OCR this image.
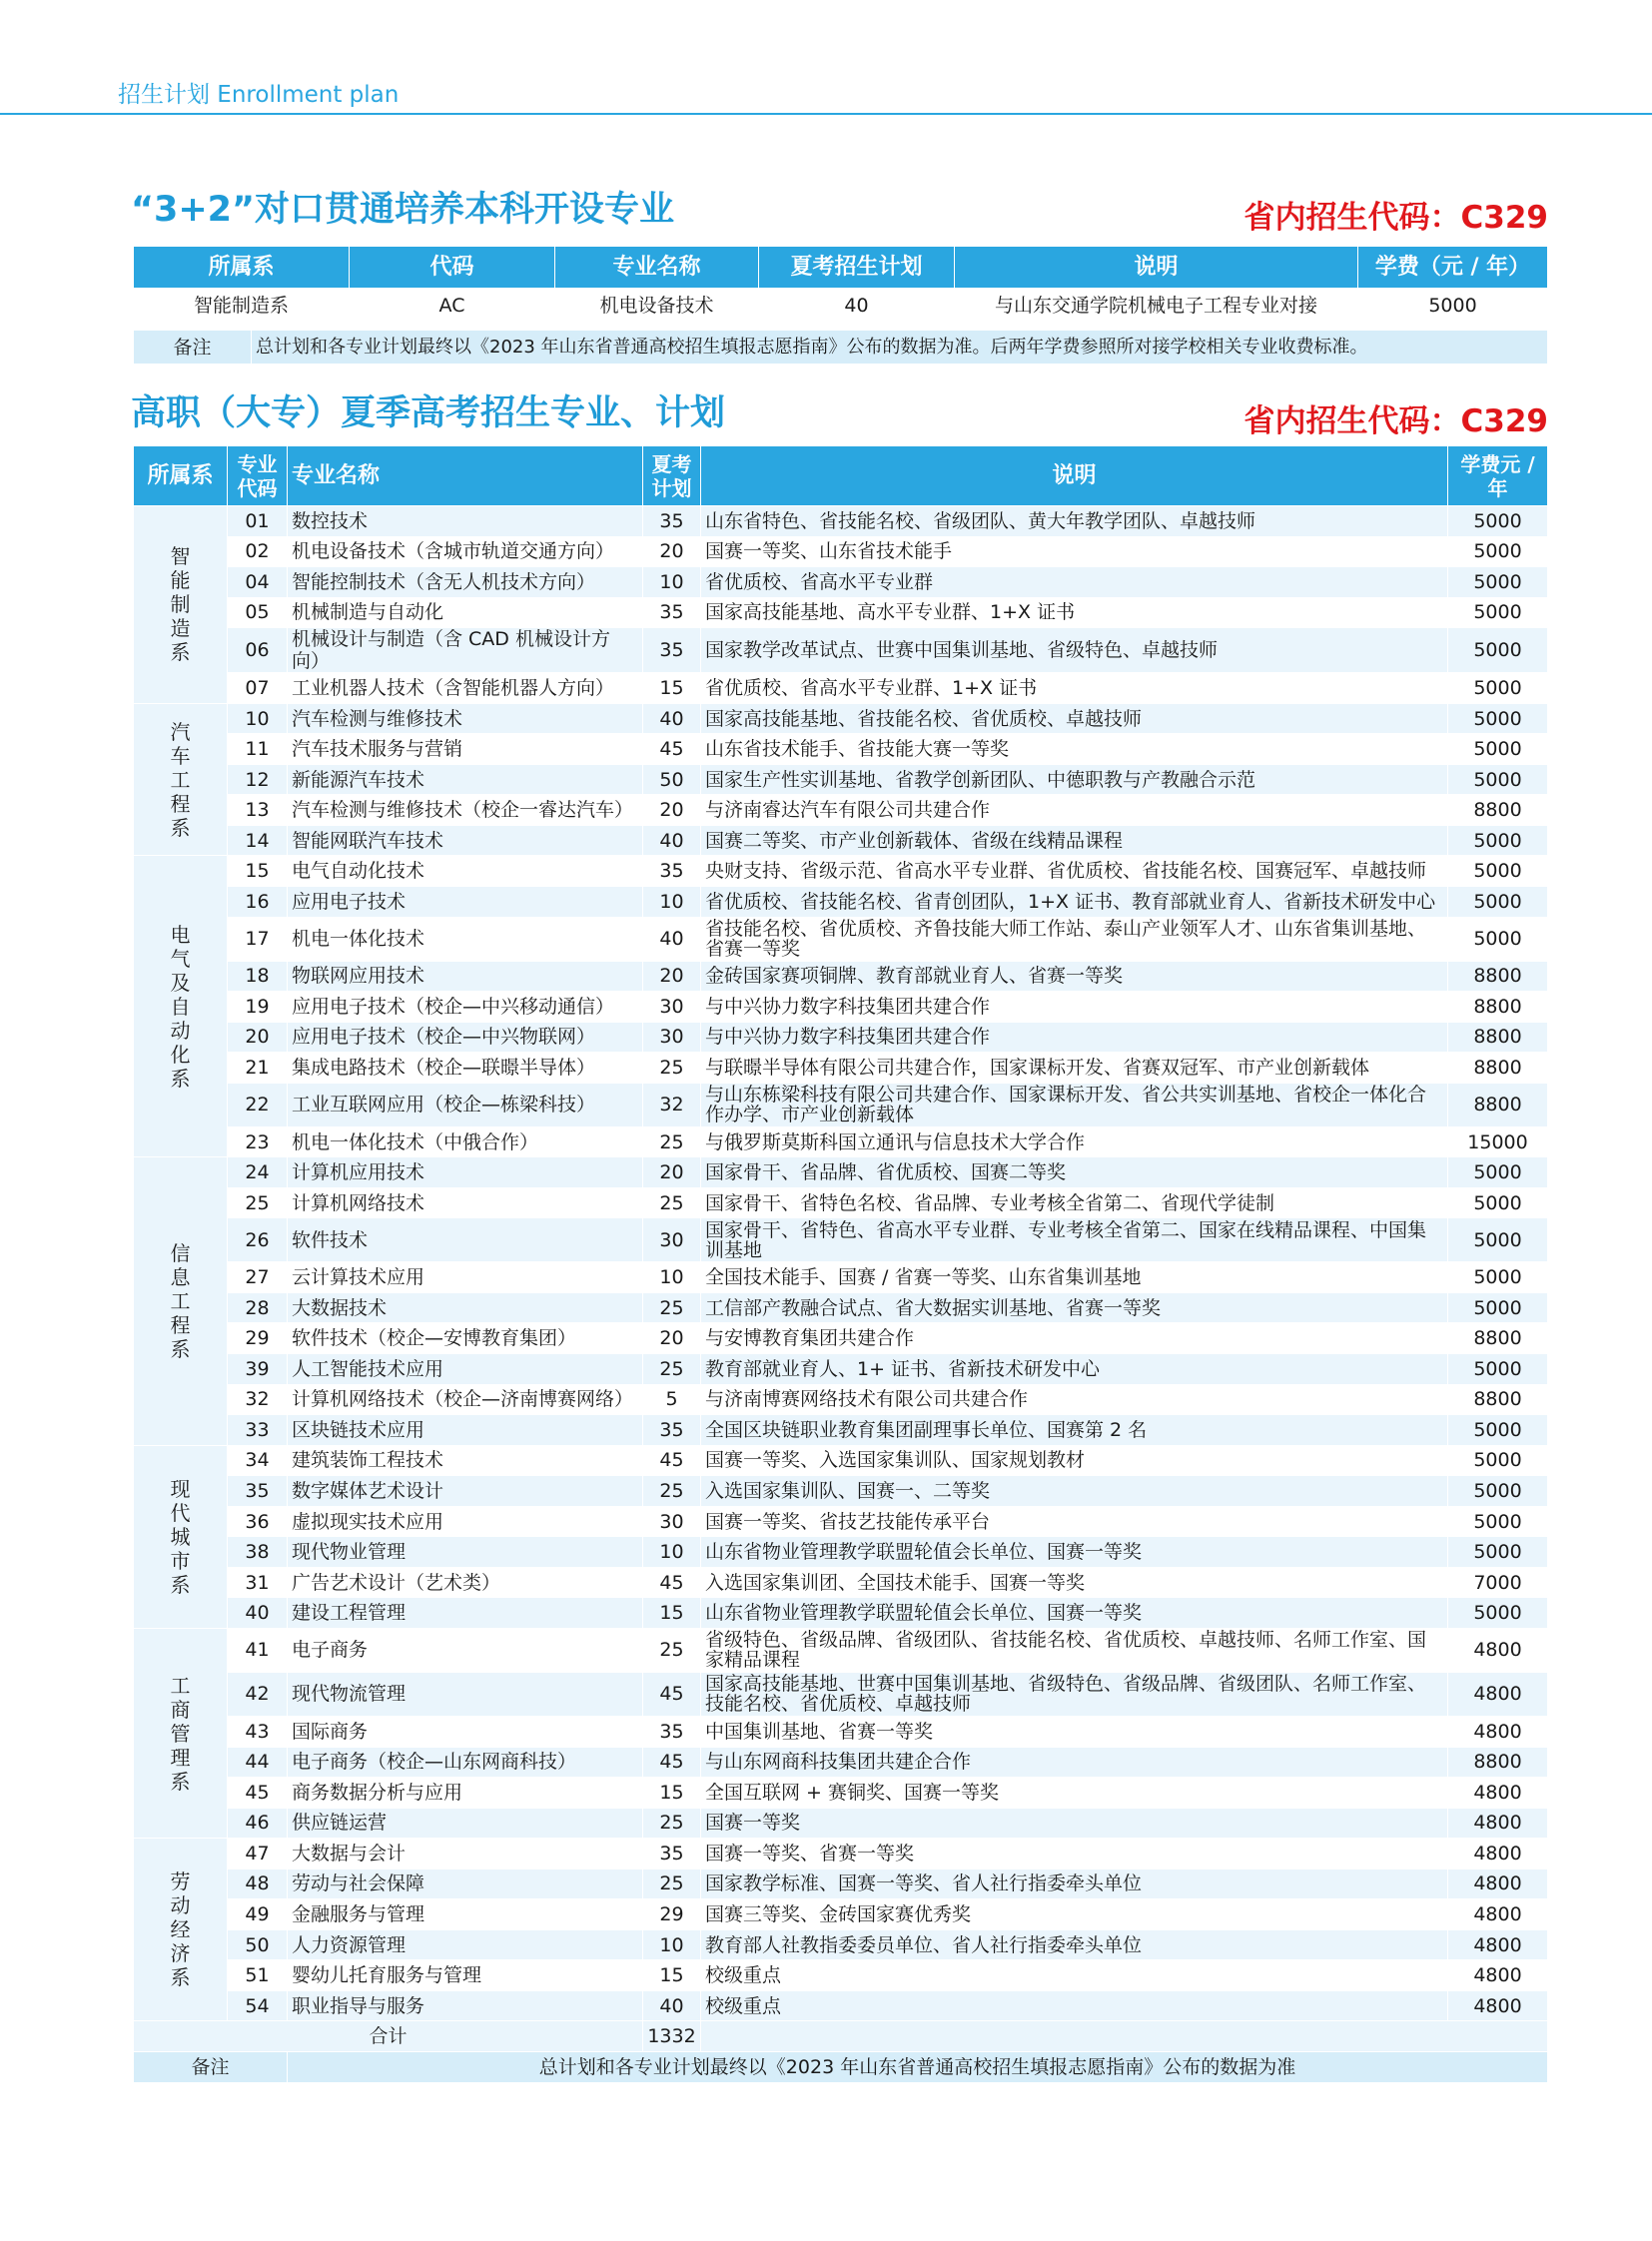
招生计划 Enrollment plan
“3+2”对口贯通培养本科开设专业	省内招生代码：C329
所属系	代码	专业名称	夏考招生计划	说明	学费（元 / 年）
智能制造系	AC	机电设备技术	40	与山东交通学院机械电子工程专业对接	5000
备注	总计划和各专业计划最终以《2023 年山东省普通高校招生填报志愿指南》公布的数据为准。后两年学费参照所对接学校相关专业收费标准。
高职（大专）夏季高考招生专业、计划	省内招生代码：C329
所属系	专业代码	专业名称	夏考计划	说明	学费元 / 年
智能制造系	01	数控技术	35	山东省特色、省技能名校、省级团队、黄大年教学团队、卓越技师	5000
	02	机电设备技术（含城市轨道交通方向）	20	国赛一等奖、山东省技术能手	5000
	04	智能控制技术（含无人机技术方向）	10	省优质校、省高水平专业群	5000
	05	机械制造与自动化	35	国家高技能基地、高水平专业群、1+X 证书	5000
	06	机械设计与制造（含 CAD 机械设计方向）	35	国家教学改革试点、世赛中国集训基地、省级特色、卓越技师	5000
	07	工业机器人技术（含智能机器人方向）	15	省优质校、省高水平专业群、1+X 证书	5000
汽车工程系	10	汽车检测与维修技术	40	国家高技能基地、省技能名校、省优质校、卓越技师	5000
	11	汽车技术服务与营销	45	山东省技术能手、省技能大赛一等奖	5000
	12	新能源汽车技术	50	国家生产性实训基地、省教学创新团队、中德职教与产教融合示范	5000
	13	汽车检测与维修技术（校企一睿达汽车）	20	与济南睿达汽车有限公司共建合作	8800
	14	智能网联汽车技术	40	国赛二等奖、市产业创新载体、省级在线精品课程	5000
电气及自动化系	15	电气自动化技术	35	央财支持、省级示范、省高水平专业群、省优质校、省技能名校、国赛冠军、卓越技师	5000
	16	应用电子技术	10	省优质校、省技能名校、省青创团队，1+X 证书、教育部就业育人、省新技术研发中心	5000
	17	机电一体化技术	40	省技能名校、省优质校、齐鲁技能大师工作站、泰山产业领军人才、山东省集训基地、省赛一等奖	5000
	18	物联网应用技术	20	金砖国家赛项铜牌、教育部就业育人、省赛一等奖	8800
	19	应用电子技术（校企—中兴移动通信）	30	与中兴协力数字科技集团共建合作	8800
	20	应用电子技术（校企—中兴物联网）	30	与中兴协力数字科技集团共建合作	8800
	21	集成电路技术（校企—联暻半导体）	25	与联暻半导体有限公司共建合作，国家课标开发、省赛双冠军、市产业创新载体	8800
	22	工业互联网应用（校企—栋梁科技）	32	与山东栋梁科技有限公司共建合作、国家课标开发、省公共实训基地、省校企一体化合作办学、市产业创新载体	8800
	23	机电一体化技术（中俄合作）	25	与俄罗斯莫斯科国立通讯与信息技术大学合作	15000
信息工程系	24	计算机应用技术	20	国家骨干、省品牌、省优质校、国赛二等奖	5000
	25	计算机网络技术	25	国家骨干、省特色名校、省品牌、专业考核全省第二、省现代学徒制	5000
	26	软件技术	30	国家骨干、省特色、省高水平专业群、专业考核全省第二、国家在线精品课程、中国集训基地	5000
	27	云计算技术应用	10	全国技术能手、国赛 / 省赛一等奖、山东省集训基地	5000
	28	大数据技术	25	工信部产教融合试点、省大数据实训基地、省赛一等奖	5000
	29	软件技术（校企—安博教育集团）	20	与安博教育集团共建合作	8800
	39	人工智能技术应用	25	教育部就业育人、1+ 证书、省新技术研发中心	5000
	32	计算机网络技术（校企—济南博赛网络）	5	与济南博赛网络技术有限公司共建合作	8800
	33	区块链技术应用	35	全国区块链职业教育集团副理事长单位、国赛第 2 名	5000
现代城市系	34	建筑装饰工程技术	45	国赛一等奖、入选国家集训队、国家规划教材	5000
	35	数字媒体艺术设计	25	入选国家集训队、国赛一、二等奖	5000
	36	虚拟现实技术应用	30	国赛一等奖、省技艺技能传承平台	5000
	38	现代物业管理	10	山东省物业管理教学联盟轮值会长单位、国赛一等奖	5000
	31	广告艺术设计（艺术类）	45	入选国家集训团、全国技术能手、国赛一等奖	7000
	40	建设工程管理	15	山东省物业管理教学联盟轮值会长单位、国赛一等奖	5000
工商管理系	41	电子商务	25	省级特色、省级品牌、省级团队、省技能名校、省优质校、卓越技师、名师工作室、国家精品课程	4800
	42	现代物流管理	45	国家高技能基地、世赛中国集训基地、省级特色、省级品牌、省级团队、名师工作室、技能名校、省优质校、卓越技师	4800
	43	国际商务	35	中国集训基地、省赛一等奖	4800
	44	电子商务（校企—山东网商科技）	45	与山东网商科技集团共建企合作	8800
	45	商务数据分析与应用	15	全国互联网 + 赛铜奖、国赛一等奖	4800
	46	供应链运营	25	国赛一等奖	4800
劳动经济系	47	大数据与会计	35	国赛一等奖、省赛一等奖	4800
	48	劳动与社会保障	25	国家教学标准、国赛一等奖、省人社行指委牵头单位	4800
	49	金融服务与管理	29	国赛三等奖、金砖国家赛优秀奖	4800
	50	人力资源管理	10	教育部人社教指委委员单位、省人社行指委牵头单位	4800
	51	婴幼儿托育服务与管理	15	校级重点	4800
	54	职业指导与服务	40	校级重点	4800
合计			1332		
备注		总计划和各专业计划最终以《2023 年山东省普通高校招生填报志愿指南》公布的数据为准			
